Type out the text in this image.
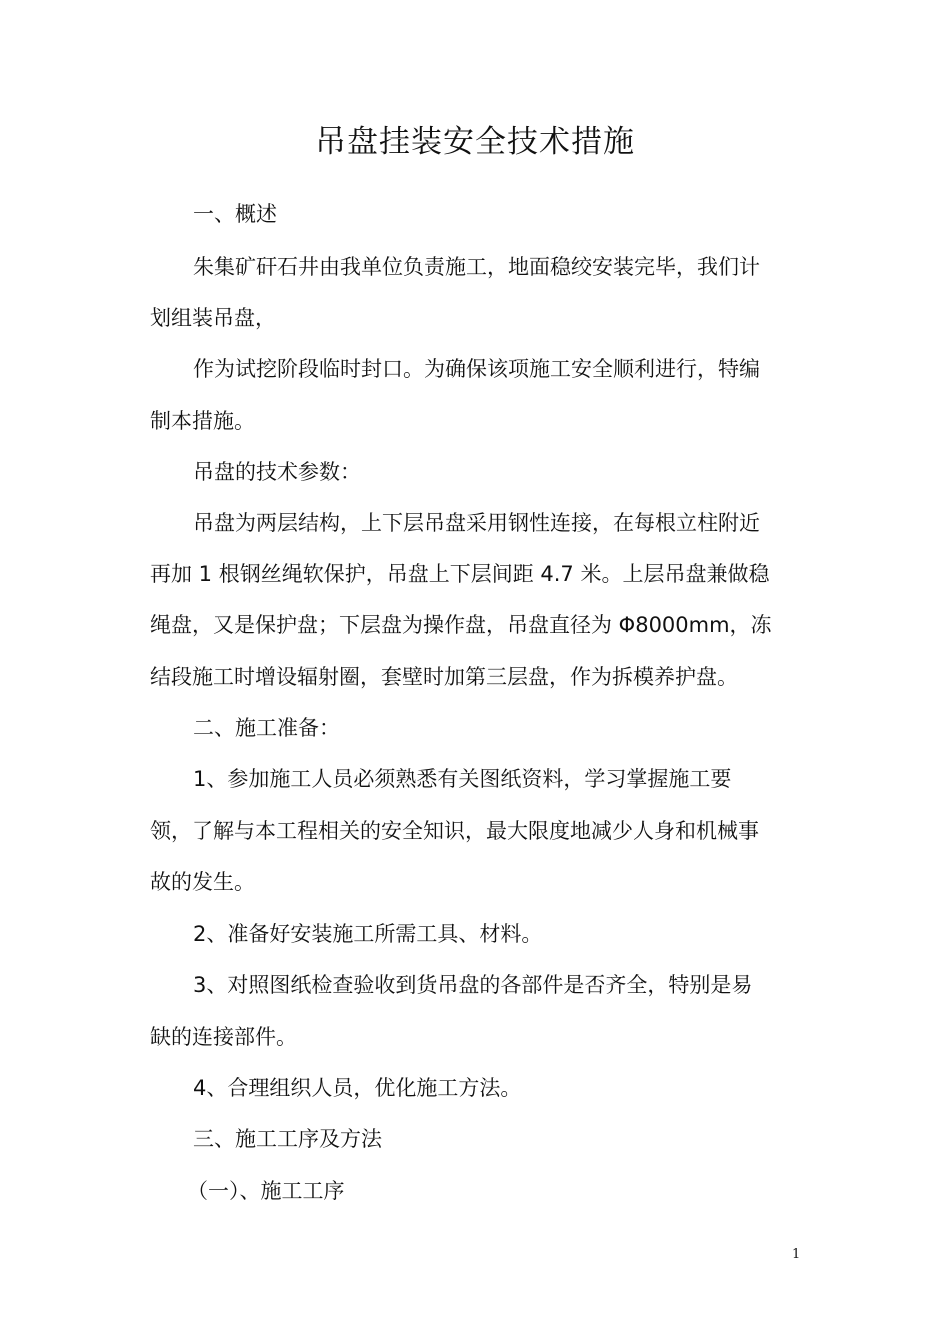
吊盘挂装安全技术措施
一、概述
朱集矿矸石井由我单位负责施工，地面稳绞安装完毕，我们计
划组装吊盘，
作为试挖阶段临时封口。为确保该项施工安全顺利进行，特编
制本措施。
吊盘的技术参数：
吊盘为两层结构，上下层吊盘采用钢性连接，在每根立柱附近
再加 1 根钢丝绳软保护，吊盘上下层间距 4.7 米。上层吊盘兼做稳
绳盘，又是保护盘；下层盘为操作盘，吊盘直径为 Φ8000mm，冻
结段施工时增设辐射圈，套壁时加第三层盘，作为拆模养护盘。
二、施工准备：
1、参加施工人员必须熟悉有关图纸资料，学习掌握施工要
领，了解与本工程相关的安全知识，最大限度地减少人身和机械事
故的发生。
2、准备好安装施工所需工具、材料。
3、对照图纸检查验收到货吊盘的各部件是否齐全，特别是易
缺的连接部件。
4、合理组织人员，优化施工方法。
三、施工工序及方法
（一）、施工工序
1
